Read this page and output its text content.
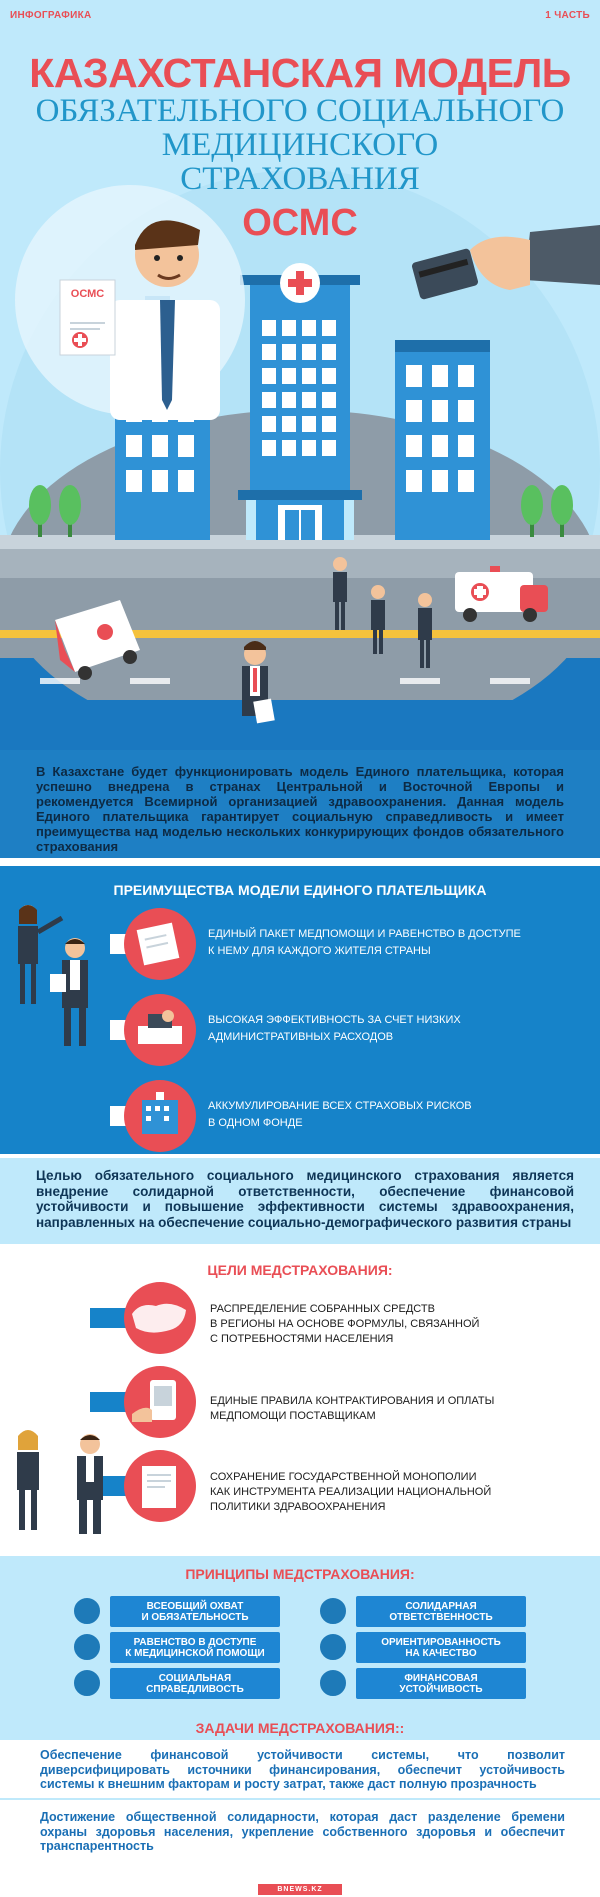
ИНФОГРАФИКА	1 ЧАСТЬ
КАЗАХСТАНСКАЯ МОДЕЛЬ
ОБЯЗАТЕЛЬНОГО СОЦИАЛЬНОГО
МЕДИЦИНСКОГО
СТРАХОВАНИЯ
ОСМС
ОСМС

В Казахстане будет функционировать модель Единого плательщика, которая успешно внедрена в странах Центральной и Восточной Европы и рекомендуется Всемирной организацией здравоохранения. Данная модель Единого плательщика гарантирует социальную справедливость и имеет преимущества над моделью нескольких конкурирующих фондов обязательного страхования

ПРЕИМУЩЕСТВА МОДЕЛИ ЕДИНОГО ПЛАТЕЛЬЩИКА
ЕДИНЫЙ ПАКЕТ МЕДПОМОЩИ И РАВЕНСТВО В ДОСТУПЕ
К НЕМУ ДЛЯ КАЖДОГО ЖИТЕЛЯ СТРАНЫ
ВЫСОКАЯ ЭФФЕКТИВНОСТЬ ЗА СЧЕТ НИЗКИХ
АДМИНИСТРАТИВНЫХ РАСХОДОВ
АККУМУЛИРОВАНИЕ ВСЕХ СТРАХОВЫХ РИСКОВ
В ОДНОМ ФОНДЕ

Целью обязательного социального медицинского страхования является внедрение солидарной ответственности, обеспечение финансовой устойчивости и повышение эффективности системы здравоохранения, направленных на обеспечение социально-демографического развития страны

ЦЕЛИ МЕДСТРАХОВАНИЯ:
РАСПРЕДЕЛЕНИЕ СОБРАННЫХ СРЕДСТВ
В РЕГИОНЫ НА ОСНОВЕ ФОРМУЛЫ, СВЯЗАННОЙ
С ПОТРЕБНОСТЯМИ НАСЕЛЕНИЯ
ЕДИНЫЕ ПРАВИЛА КОНТРАКТИРОВАНИЯ И ОПЛАТЫ
МЕДПОМОЩИ ПОСТАВЩИКАМ
СОХРАНЕНИЕ ГОСУДАРСТВЕННОЙ МОНОПОЛИИ
КАК ИНСТРУМЕНТА РЕАЛИЗАЦИИ НАЦИОНАЛЬНОЙ
ПОЛИТИКИ ЗДРАВООХРАНЕНИЯ
ПРИНЦИПЫ МЕДСТРАХОВАНИЯ:
ВСЕОБЩИЙ ОХВАТ
И ОБЯЗАТЕЛЬНОСТЬ
РАВЕНСТВО В ДОСТУПЕ
К МЕДИЦИНСКОЙ ПОМОЩИ
СОЦИАЛЬНАЯ
СПРАВЕДЛИВОСТЬ
СОЛИДАРНАЯ
ОТВЕТСТВЕННОСТЬ
ОРИЕНТИРОВАННОСТЬ
НА КАЧЕСТВО
ФИНАНСОВАЯ
УСТОЙЧИВОСТЬ
ЗАДАЧИ МЕДСТРАХОВАНИЯ::

Обеспечение финансовой устойчивости системы, что позволит диверсифицировать источники финансирования, обеспечит устойчивость системы к внешним факторам и росту затрат, также даст полную прозрачность

Достижение общественной солидарности, которая даст разделение бремени охраны здоровья населения, укрепление собственного здоровья и обеспечит транспарентность

BNEWS.KZ
